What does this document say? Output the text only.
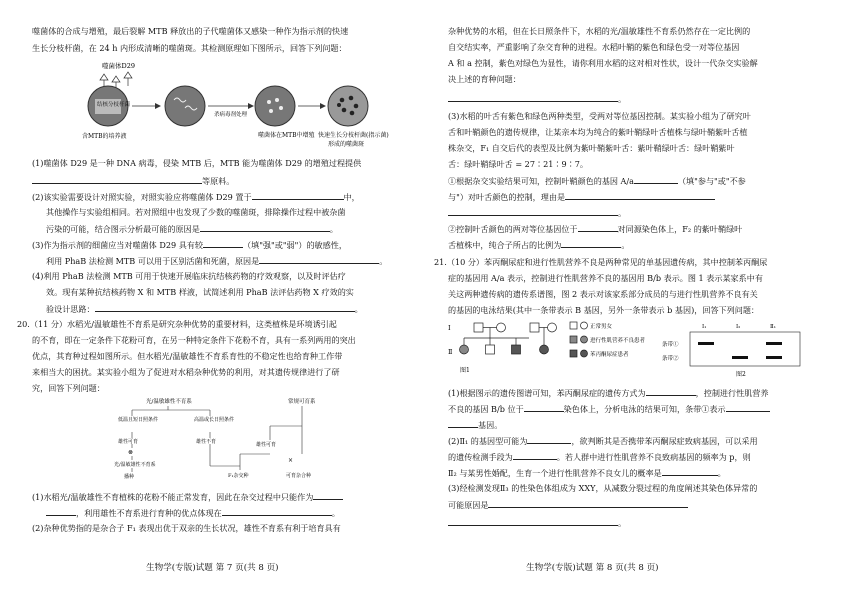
噬菌体的合成与增殖，最后裂解 MTB 释放出的子代噬菌体又感染一种作为指示剂的快速
生长分枝杆菌，在 24 h 内形成清晰的噬菌斑。其检测原理如下图所示，回答下列问题：
噬菌体D29
结核分枝杆菌
含MTB的培养液
杀病毒剂处理
噬菌体在MTB中增殖 快速生长分枝杆菌(指示菌)
形成的噬菌斑
(1)噬菌体 D29 是一种 DNA 病毒，侵染 MTB 后，MTB 能为噬菌体 D29 的增殖过程提供
等原料。
(2)该实验需要设计对照实验，对照实验应将噬菌体 D29 置于	中，
其他操作与实验组相同。若对照组中也发现了少数的噬菌斑，排除操作过程中被杂菌
污染的可能，结合图示分析最可能的原因是	。
(3)作为指示剂的细菌应当对噬菌体 D29 具有较	（填"强"或"弱"）的敏感性，
利用 PhaB 法检测 MTB 可以用于区别活菌和死菌，原因是	。
(4)利用 PhaB 法检测 MTB 可用于快速开展临床抗结核药物的疗效观察，以及时评估疗
效。现有某种抗结核药物 X 和 MTB 样液，试简述利用 PhaB 法评估药物 X 疗效的实
验设计思路：	。
20.（11 分）水稻光/温敏雄性不育系是研究杂种优势的重要材料，这类植株是环境诱引起
的不育，即在一定条件下花粉可育，在另一种特定条件下花粉不育，具有一系列两用的突出
优点，其育种过程如图所示。但水稻光/温敏雄性不育系育性的不稳定性也给育种工作带
来相当大的困扰。某实验小组为了促进对水稻杂种优势的利用，对其遗传规律进行了研
究，回答下列问题：
光/温敏雄性不育系	常规可育系
低温且短日照条件	高温或长日照条件
雄性可育	雄性不育
⊗
光/温敏雄性不育系
播种
雄性可育
×
F₁杂交种	可育杂合种
(1)水稻光/温敏雄性不育植株的花粉不能正常发育，因此在杂交过程中只能作为
，利用雄性不育系进行育种的优点体现在	。
(2)杂种优势指的是杂合子 F₁ 表现出优于双亲的生长状况，雄性不育系有利于培育具有
生物学(专版)试题 第 7 页(共 8 页)
杂种优势的水稻，但在长日照条件下，水稻的光/温敏雄性不育系仍然存在一定比例的
自交结实率，严重影响了杂交育种的进程。水稻叶鞘的紫色和绿色受一对等位基因
A 和 a 控制，紫色对绿色为显性，请你利用水稻的这对相对性状，设计一代杂交实验解
决上述的育种问题：
。
(3)水稻的叶舌有紫色和绿色两种类型，受两对等位基因控制。某实验小组为了研究叶
舌和叶鞘颜色的遗传规律，让某亲本均为纯合的紫叶鞘绿叶舌植株与绿叶鞘紫叶舌植
株杂交，F₁ 自交后代的表型及比例为紫叶鞘紫叶舌：紫叶鞘绿叶舌：绿叶鞘紫叶
舌：绿叶鞘绿叶舌 = 27∶21∶9∶7。
①根据杂交实验结果可知，控制叶鞘颜色的基因 A/a	（填"参与"或"不参
与"）对叶舌颜色的控制，理由是
。
②控制叶舌颜色的两对等位基因位于	对同源染色体上，F₂ 的紫叶鞘绿叶
舌植株中，纯合子所占的比例为	。
21.（10 分）苯丙酮尿症和进行性肌营养不良是两种常见的单基因遗传病，其中控制苯丙酮尿
症的基因用 A/a 表示，控制进行性肌营养不良的基因用 B/b 表示。图 1 表示某家系中有
关这两种遗传病的遗传系谱图，图 2 表示对该家系部分成员的与进行性肌营养不良有关
的基因的电泳结果(其中一条带表示 B 基因，另外一条带表示 b 基因)，回答下列问题：
Ⅰ
Ⅱ
图1
正常男女
进行性肌营养不良患者
苯丙酮尿症患者
Ⅰ₁	Ⅰ₂	Ⅱ₁
条带①
条带②
图2
(1)根据图示的遗传图谱可知，苯丙酮尿症的遗传方式为	，控制进行性肌营养
不良的基因 B/b 位于	染色体上，分析电泳的结果可知，条带①表示
基因。
(2)Ⅱ₁ 的基因型可能为	，欲判断其是否携带苯丙酮尿症致病基因，可以采用
的遗传检测手段为	。若人群中进行性肌营养不良致病基因的频率为 p，则
Ⅱ₂ 与某男性婚配，生育一个进行性肌营养不良女儿的概率是	。
(3)经检测发现Ⅱ₃ 的性染色体组成为 XXY，从减数分裂过程的角度阐述其染色体异常的
可能原因是
。
生物学(专版)试题 第 8 页(共 8 页)
